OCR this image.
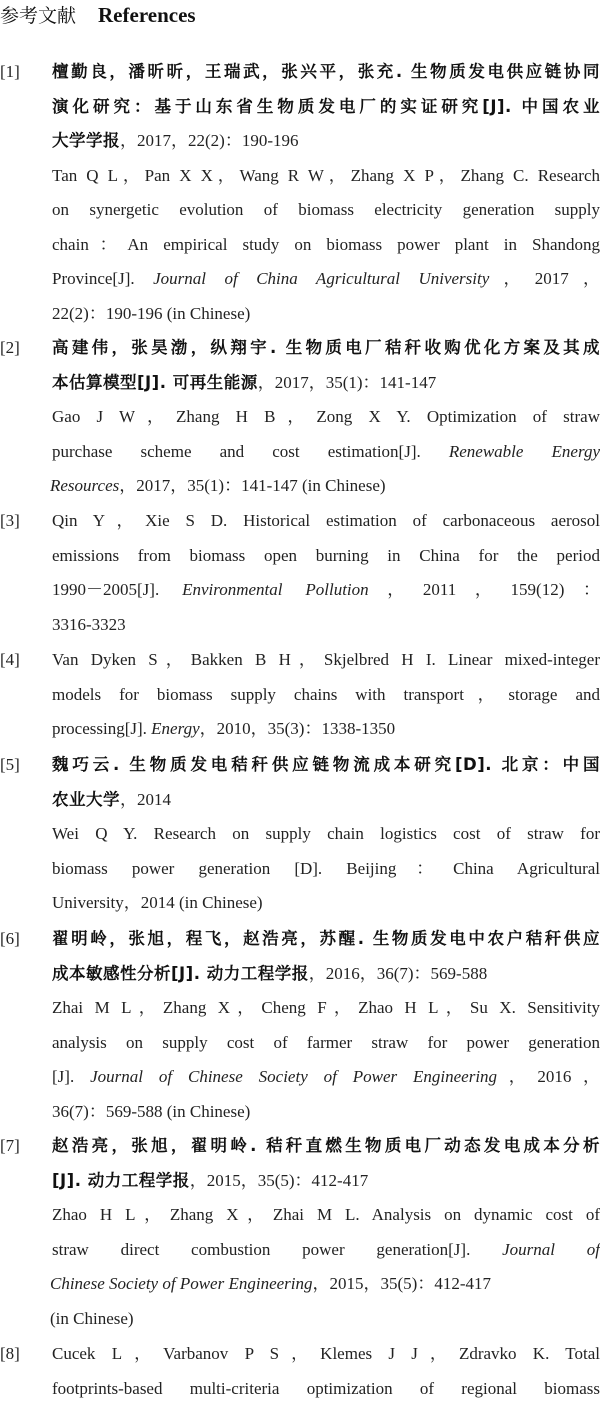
参考文献 References
[1]	檀勤良，潘昕昕，王瑞武，张兴平，张充. 生物质发电供应链协同
演化研究：基于山东省生物质发电厂的实证研究[J]. 中国农业
大学学报，2017，22(2)：190-196
Tan Q L，Pan X X，Wang R W，Zhang X P，Zhang C. Research
on synergetic evolution of biomass electricity generation supply
chain：An empirical study on biomass power plant in Shandong
Province[J]. Journal of China Agricultural University，2017，
22(2)：190-196 (in Chinese)
[2]	高建伟，张昊渤，纵翔宇. 生物质电厂秸秆收购优化方案及其成
本估算模型[J]. 可再生能源，2017，35(1)：141-147
Gao J W，Zhang H B，Zong X Y. Optimization of straw
purchase scheme and cost estimation[J]. Renewable Energy
Resources，2017，35(1)：141-147 (in Chinese)
[3]	Qin Y，Xie S D. Historical estimation of carbonaceous aerosol
emissions from biomass open burning in China for the period
1990－2005[J]. Environmental Pollution，2011，159(12)：
3316-3323
[4]	Van Dyken S，Bakken B H，Skjelbred H I. Linear mixed-integer
models for biomass supply chains with transport，storage and
processing[J]. Energy，2010，35(3)：1338-1350
[5]	魏巧云. 生物质发电秸秆供应链物流成本研究[D]. 北京：中国
农业大学，2014
Wei Q Y. Research on supply chain logistics cost of straw for
biomass power generation [D]. Beijing：China Agricultural
University，2014 (in Chinese)
[6]	翟明岭，张旭，程飞，赵浩亮，苏醒. 生物质发电中农户秸秆供应
成本敏感性分析[J]. 动力工程学报，2016，36(7)：569-588
Zhai M L，Zhang X，Cheng F，Zhao H L，Su X. Sensitivity
analysis on supply cost of farmer straw for power generation
[J]. Journal of Chinese Society of Power Engineering，2016，
36(7)：569-588 (in Chinese)
[7]	赵浩亮，张旭，翟明岭. 秸秆直燃生物质电厂动态发电成本分析
[J]. 动力工程学报，2015，35(5)：412-417
Zhao H L，Zhang X，Zhai M L. Analysis on dynamic cost of
straw direct combustion power generation[J]. Journal of
Chinese Society of Power Engineering，2015，35(5)：412-417
(in Chinese)
[8]	Cucek L，Varbanov P S，Klemes J J，Zdravko K. Total
footprints-based multi-criteria optimization of regional biomass
